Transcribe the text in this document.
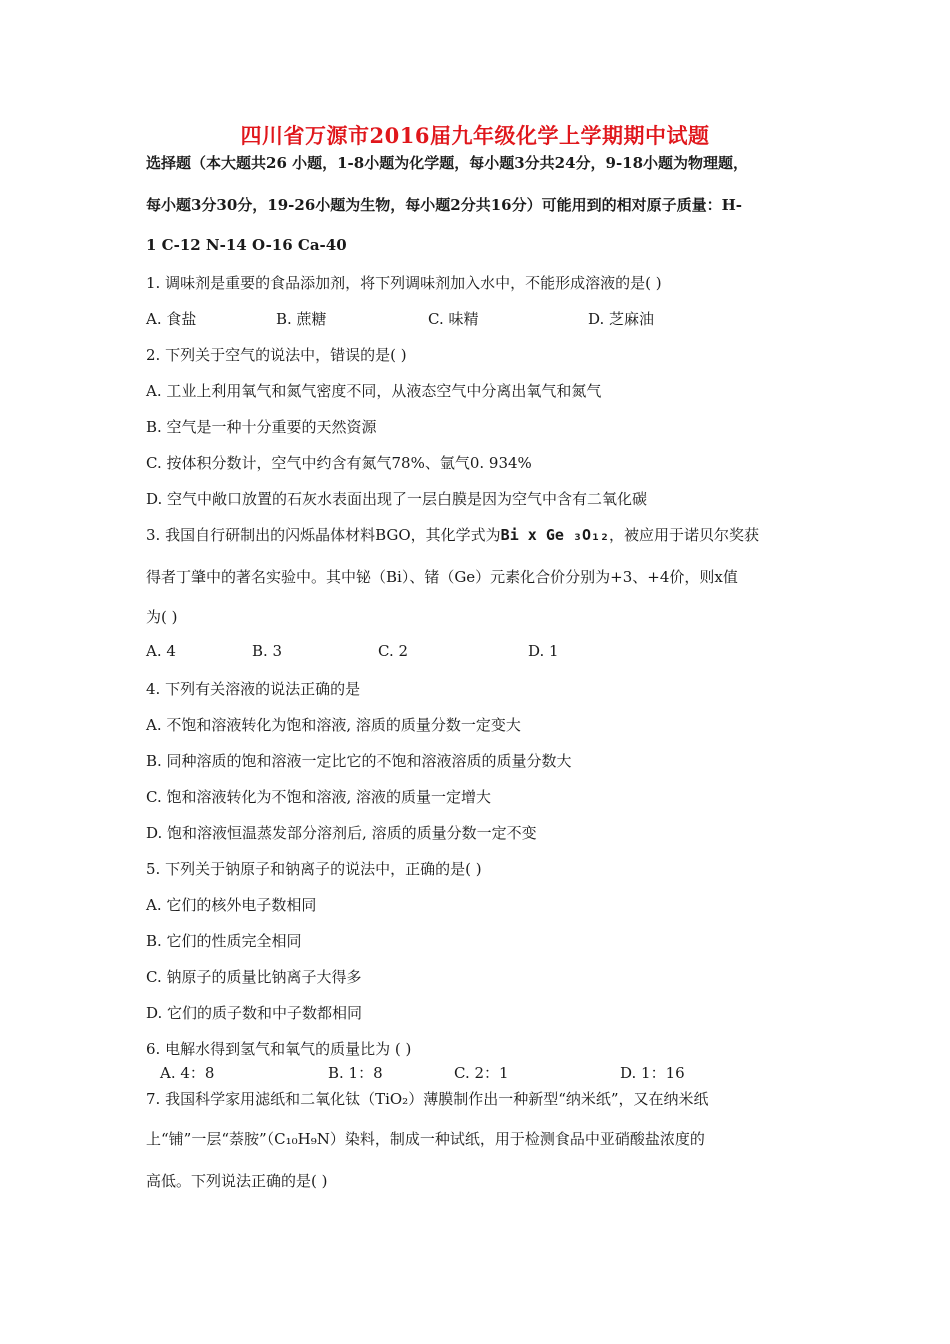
四川省万源市2016届九年级化学上学期期中试题
选择题（本大题共26 小题，1-8小题为化学题，每小题3分共24分，9-18小题为物理题，
每小题3分30分，19-26小题为生物，每小题2分共16分）可能用到的相对原子质量：H-
1 C-12 N-14 O-16 Ca-40
1. 调味剂是重要的食品添加剂，将下列调味剂加入水中，不能形成溶液的是( )
A. 食盐	B. 蔗糖	C. 味精	D. 芝麻油
2. 下列关于空气的说法中，错误的是( )
A. 工业上利用氧气和氮气密度不同，从液态空气中分离出氧气和氮气
B. 空气是一种十分重要的天然资源
C. 按体积分数计，空气中约含有氮气78%、氩气0. 934%
D. 空气中敞口放置的石灰水表面出现了一层白膜是因为空气中含有二氧化碳
3. 我国自行研制出的闪烁晶体材料BGO，其化学式为Bi x Ge ₃O₁₂，被应用于诺贝尔奖获
得者丁肇中的著名实验中。其中铋（Bi）、锗（Ge）元素化合价分别为+3、+4价，则x值
为( )
A. 4	B. 3	C. 2	D. 1
4. 下列有关溶液的说法正确的是
A. 不饱和溶液转化为饱和溶液, 溶质的质量分数一定变大
B. 同种溶质的饱和溶液一定比它的不饱和溶液溶质的质量分数大
C. 饱和溶液转化为不饱和溶液, 溶液的质量一定增大
D. 饱和溶液恒温蒸发部分溶剂后, 溶质的质量分数一定不变
5. 下列关于钠原子和钠离子的说法中，正确的是( )
A. 它们的核外电子数相同
B. 它们的性质完全相同
C. 钠原子的质量比钠离子大得多
D. 它们的质子数和中子数都相同
6. 电解水得到氢气和氧气的质量比为 ( )
A. 4：8	B. 1：8	C. 2：1	D. 1：16
7. 我国科学家用滤纸和二氧化钛（TiO₂）薄膜制作出一种新型“纳米纸”，又在纳米纸
上“铺”一层“萘胺”（C₁₀H₉N）染料，制成一种试纸，用于检测食品中亚硝酸盐浓度的
高低。下列说法正确的是( )
